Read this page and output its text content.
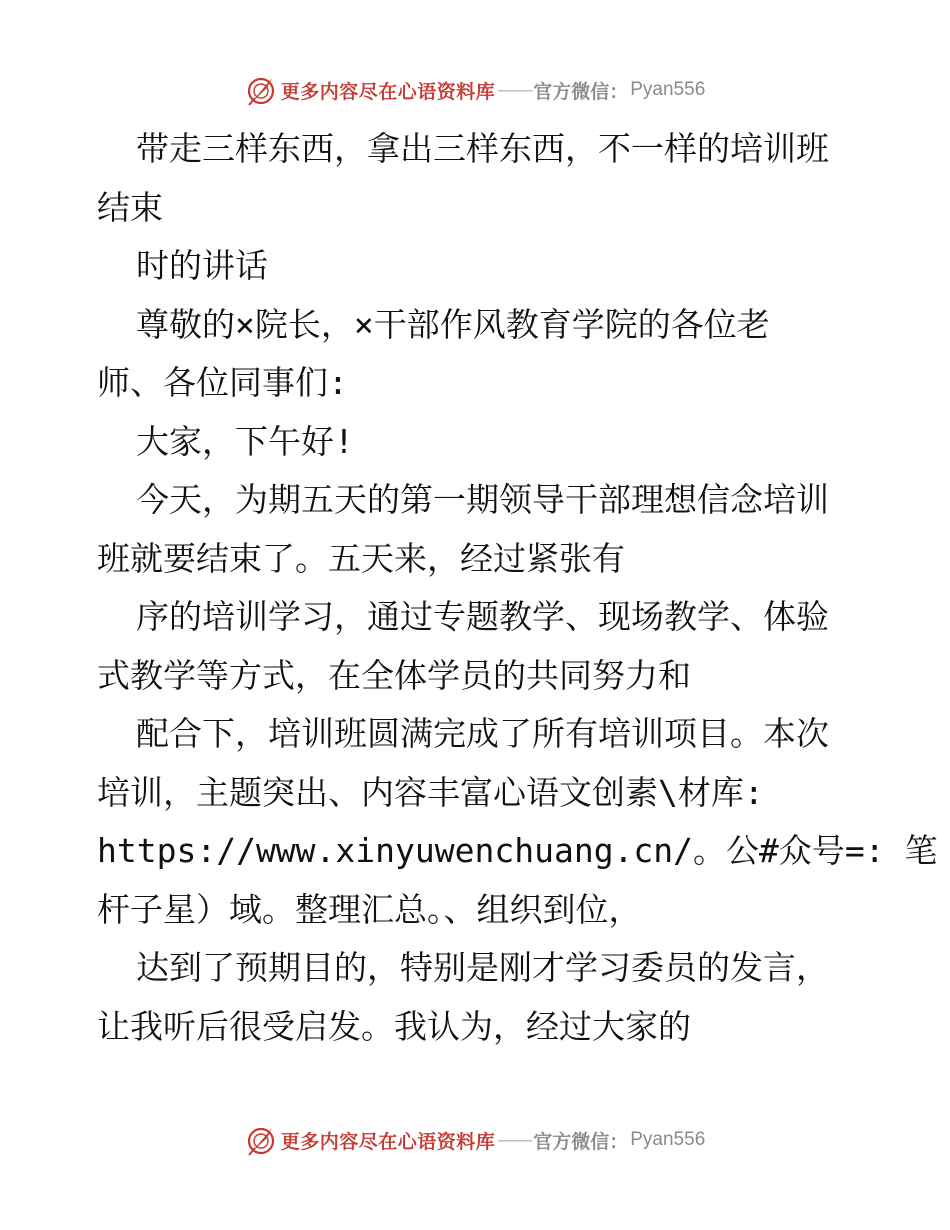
更多内容尽在心语资料库 —— 官方微信： Pyan556
带走三样东西，拿出三样东西，不一样的培训班
结束
时的讲话
尊敬的×院长，×干部作风教育学院的各位老
师、各位同事们:
大家，下午好!
今天，为期五天的第一期领导干部理想信念培训
班就要结束了。五天来，经过紧张有
序的培训学习，通过专题教学、现场教学、体验
式教学等方式，在全体学员的共同努力和
配合下，培训班圆满完成了所有培训项目。本次
培训，主题突出、内容丰富心语文创素\材库:
https://www.xinyuwenchuang.cn/。公#众号=: 笔
杆子星）域。整理汇总。、组织到位，
达到了预期目的，特别是刚才学习委员的发言，
让我听后很受启发。我认为，经过大家的
更多内容尽在心语资料库 —— 官方微信： Pyan556
